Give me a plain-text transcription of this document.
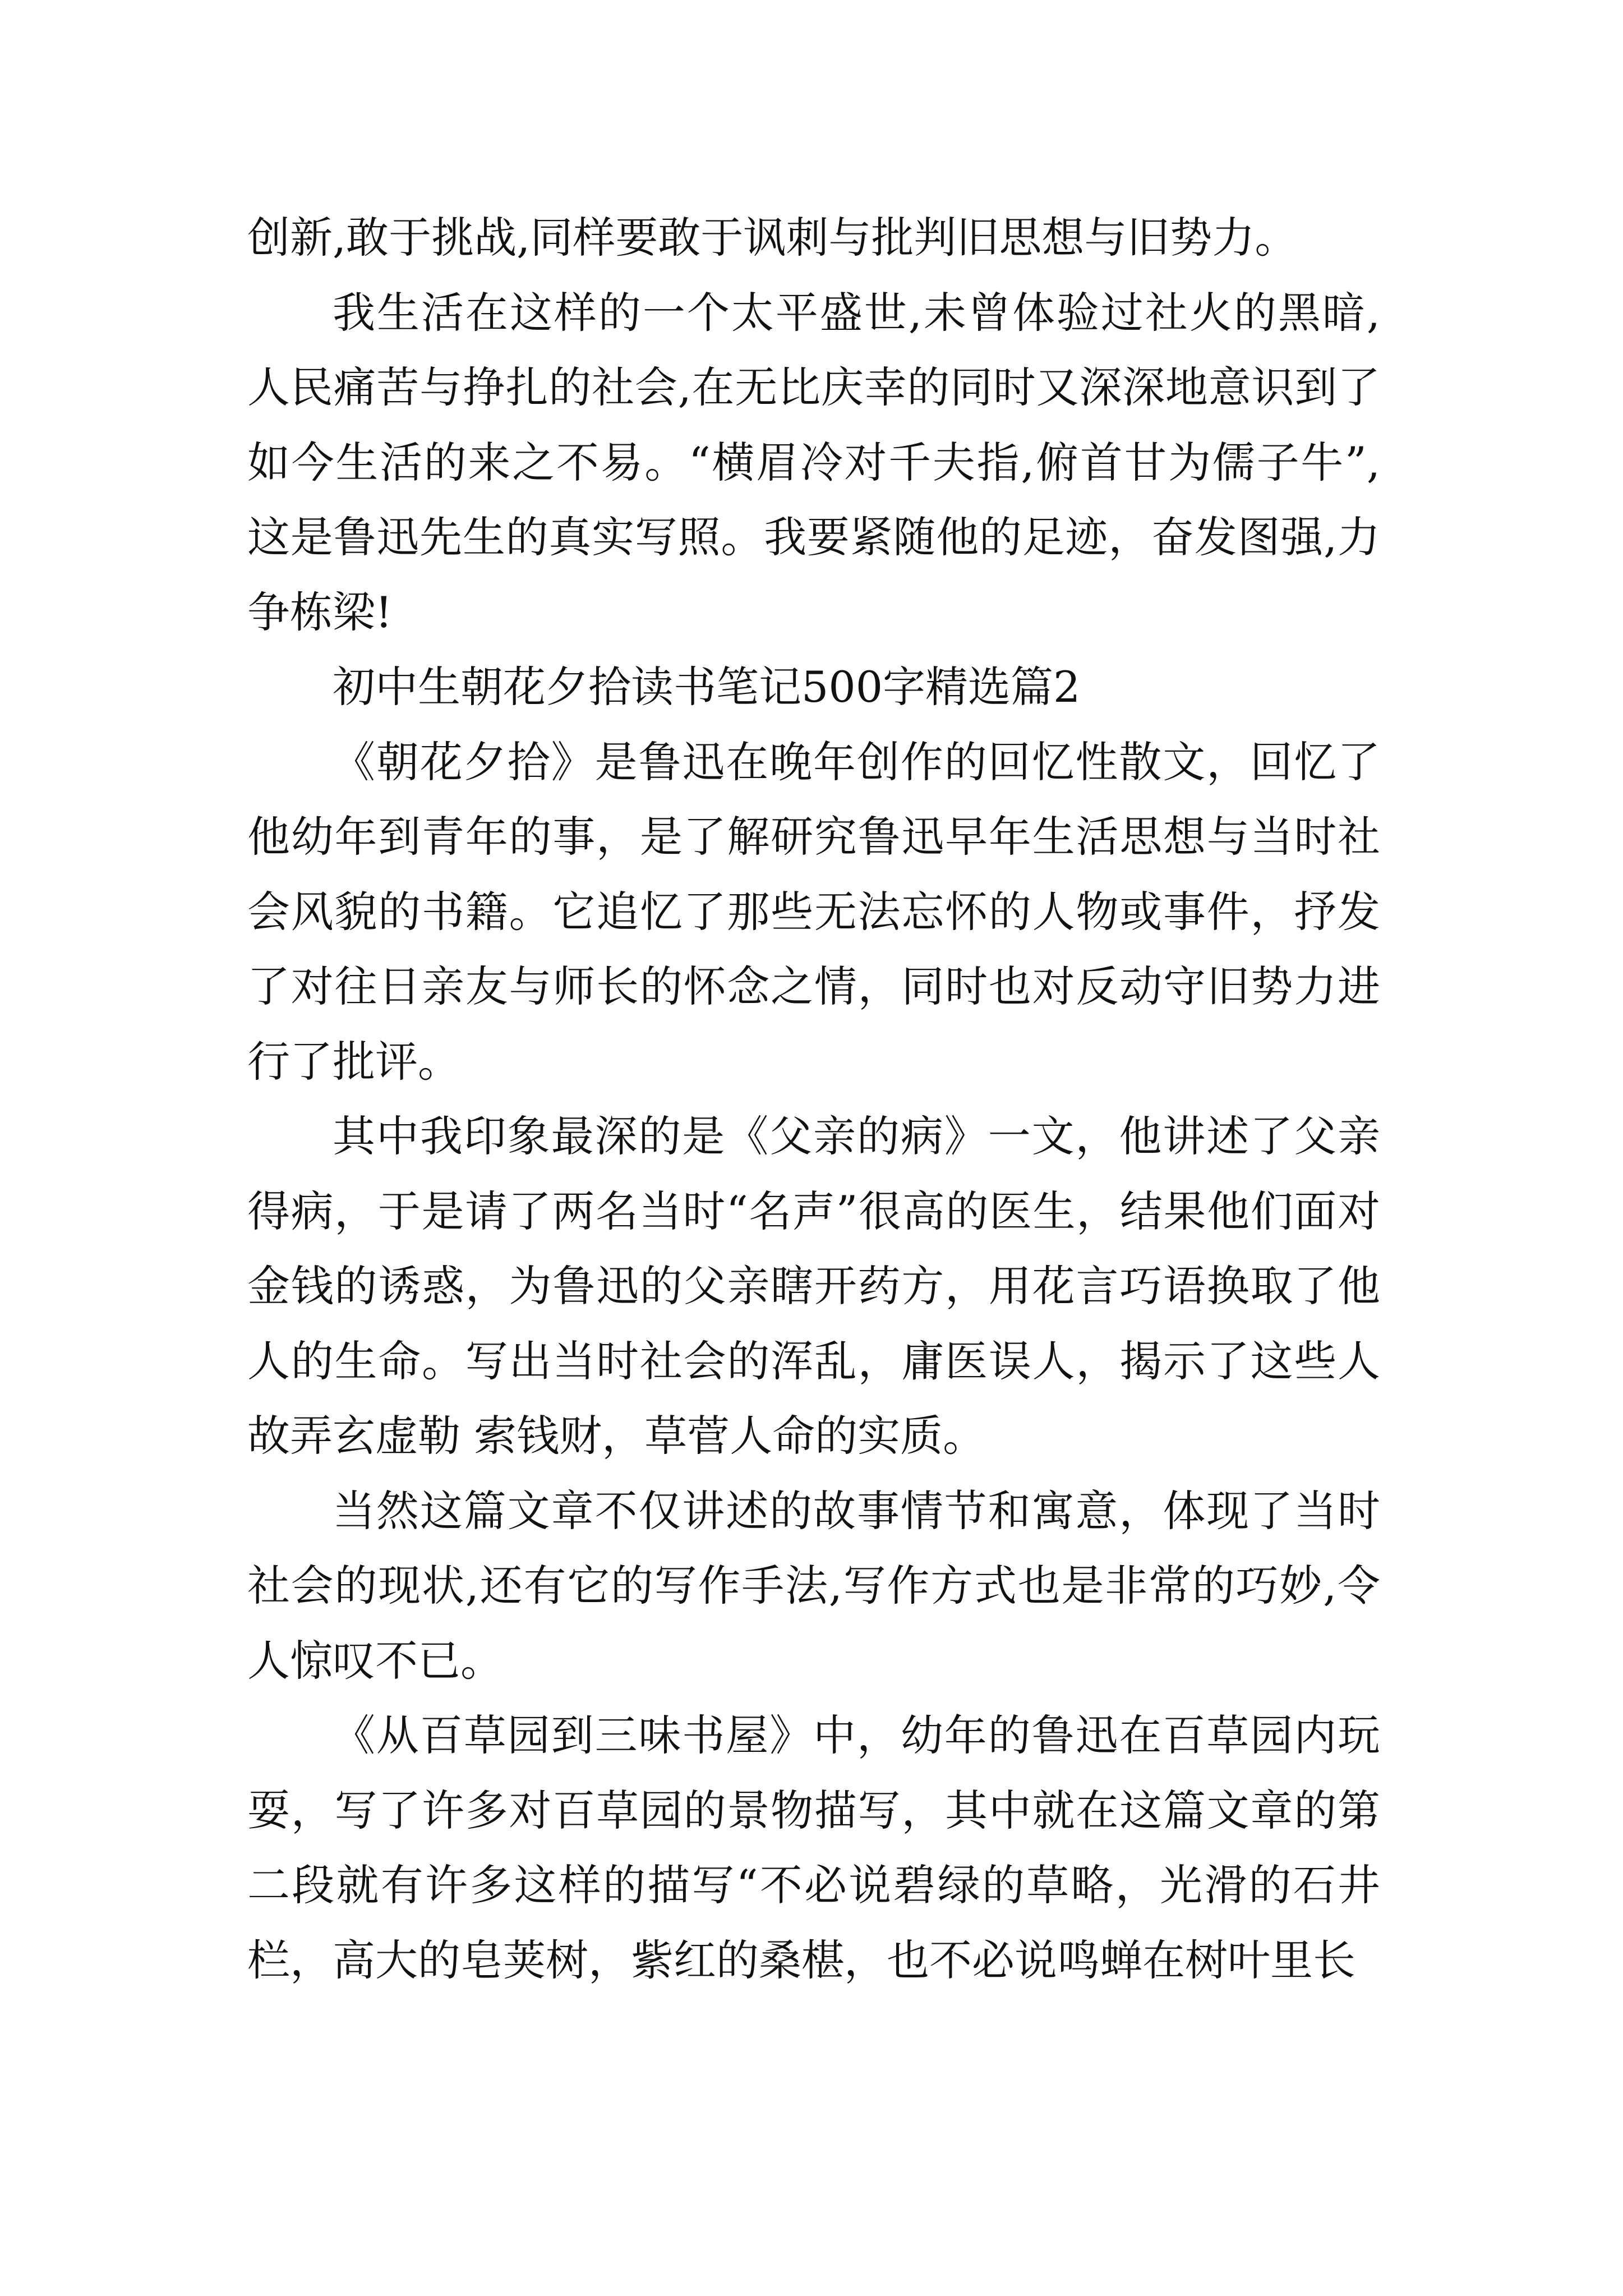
创新,敢于挑战,同样要敢于讽刺与批判旧思想与旧势力。

我生活在这样的一个太平盛世,未曾体验过社火的黑暗,人民痛苦与挣扎的社会,在无比庆幸的同时又深深地意识到了如今生活的来之不易。“横眉冷对千夫指,俯首甘为儒子牛”,这是鲁迅先生的真实写照。我要紧随他的足迹，奋发图强,力争栋梁!

初中生朝花夕拾读书笔记500字精选篇2

《朝花夕拾》是鲁迅在晚年创作的回忆性散文，回忆了他幼年到青年的事，是了解研究鲁迅早年生活思想与当时社会风貌的书籍。它追忆了那些无法忘怀的人物或事件，抒发了对往日亲友与师长的怀念之情，同时也对反动守旧势力进行了批评。

其中我印象最深的是《父亲的病》一文，他讲述了父亲得病，于是请了两名当时“名声”很高的医生，结果他们面对金钱的诱惑，为鲁迅的父亲瞎开药方，用花言巧语换取了他人的生命。写出当时社会的浑乱，庸医误人，揭示了这些人故弄玄虚勒 索钱财，草菅人命的实质。

当然这篇文章不仅讲述的故事情节和寓意，体现了当时社会的现状,还有它的写作手法,写作方式也是非常的巧妙,令人惊叹不已。

《从百草园到三味书屋》中，幼年的鲁迅在百草园内玩耍，写了许多对百草园的景物描写，其中就在这篇文章的第二段就有许多这样的描写“不必说碧绿的草略，光滑的石井栏，高大的皂荚树，紫红的桑椹，也不必说鸣蝉在树叶里长
